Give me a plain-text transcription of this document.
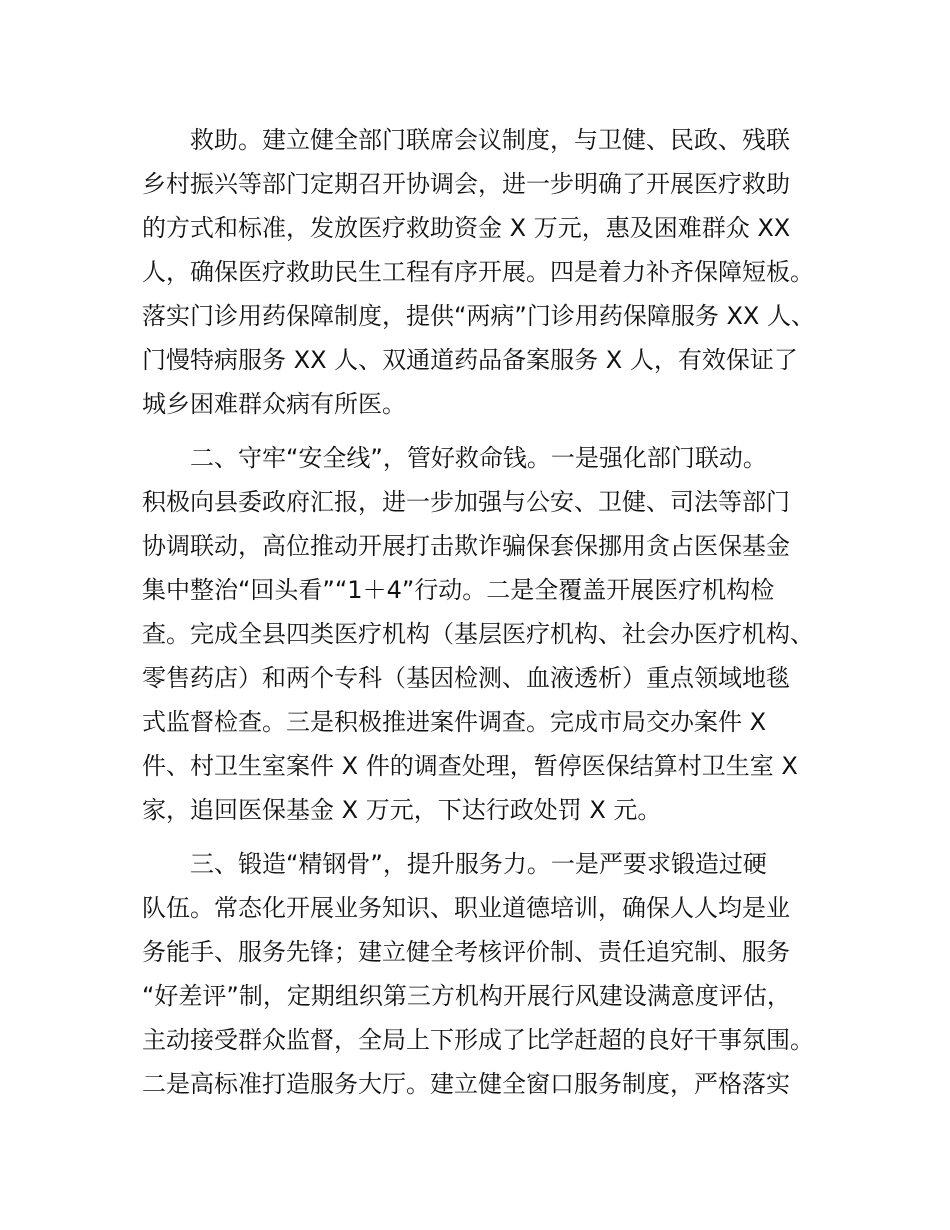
　　救助。建立健全部门联席会议制度，与卫健、民政、残联
乡村振兴等部门定期召开协调会，进一步明确了开展医疗救助
的方式和标准，发放医疗救助资金 X 万元，惠及困难群众 XX
人，确保医疗救助民生工程有序开展。四是着力补齐保障短板。
落实门诊用药保障制度，提供“两病”门诊用药保障服务 XX 人、
门慢特病服务 XX 人、双通道药品备案服务 X 人，有效保证了
城乡困难群众病有所医。
　　二、守牢“安全线”，管好救命钱。一是强化部门联动。
积极向县委政府汇报，进一步加强与公安、卫健、司法等部门
协调联动，高位推动开展打击欺诈骗保套保挪用贪占医保基金
集中整治“回头看”“1＋4”行动。二是全覆盖开展医疗机构检
查。完成全县四类医疗机构（基层医疗机构、社会办医疗机构、
零售药店）和两个专科（基因检测、血液透析）重点领域地毯
式监督检查。三是积极推进案件调查。完成市局交办案件 X
件、村卫生室案件 X 件的调查处理，暂停医保结算村卫生室 X
家，追回医保基金 X 万元，下达行政处罚 X 元。
　　三、锻造“精钢骨”，提升服务力。一是严要求锻造过硬
队伍。常态化开展业务知识、职业道德培训，确保人人均是业
务能手、服务先锋；建立健全考核评价制、责任追究制、服务
“好差评”制，定期组织第三方机构开展行风建设满意度评估，
主动接受群众监督，全局上下形成了比学赶超的良好干事氛围。
二是高标准打造服务大厅。建立健全窗口服务制度，严格落实
